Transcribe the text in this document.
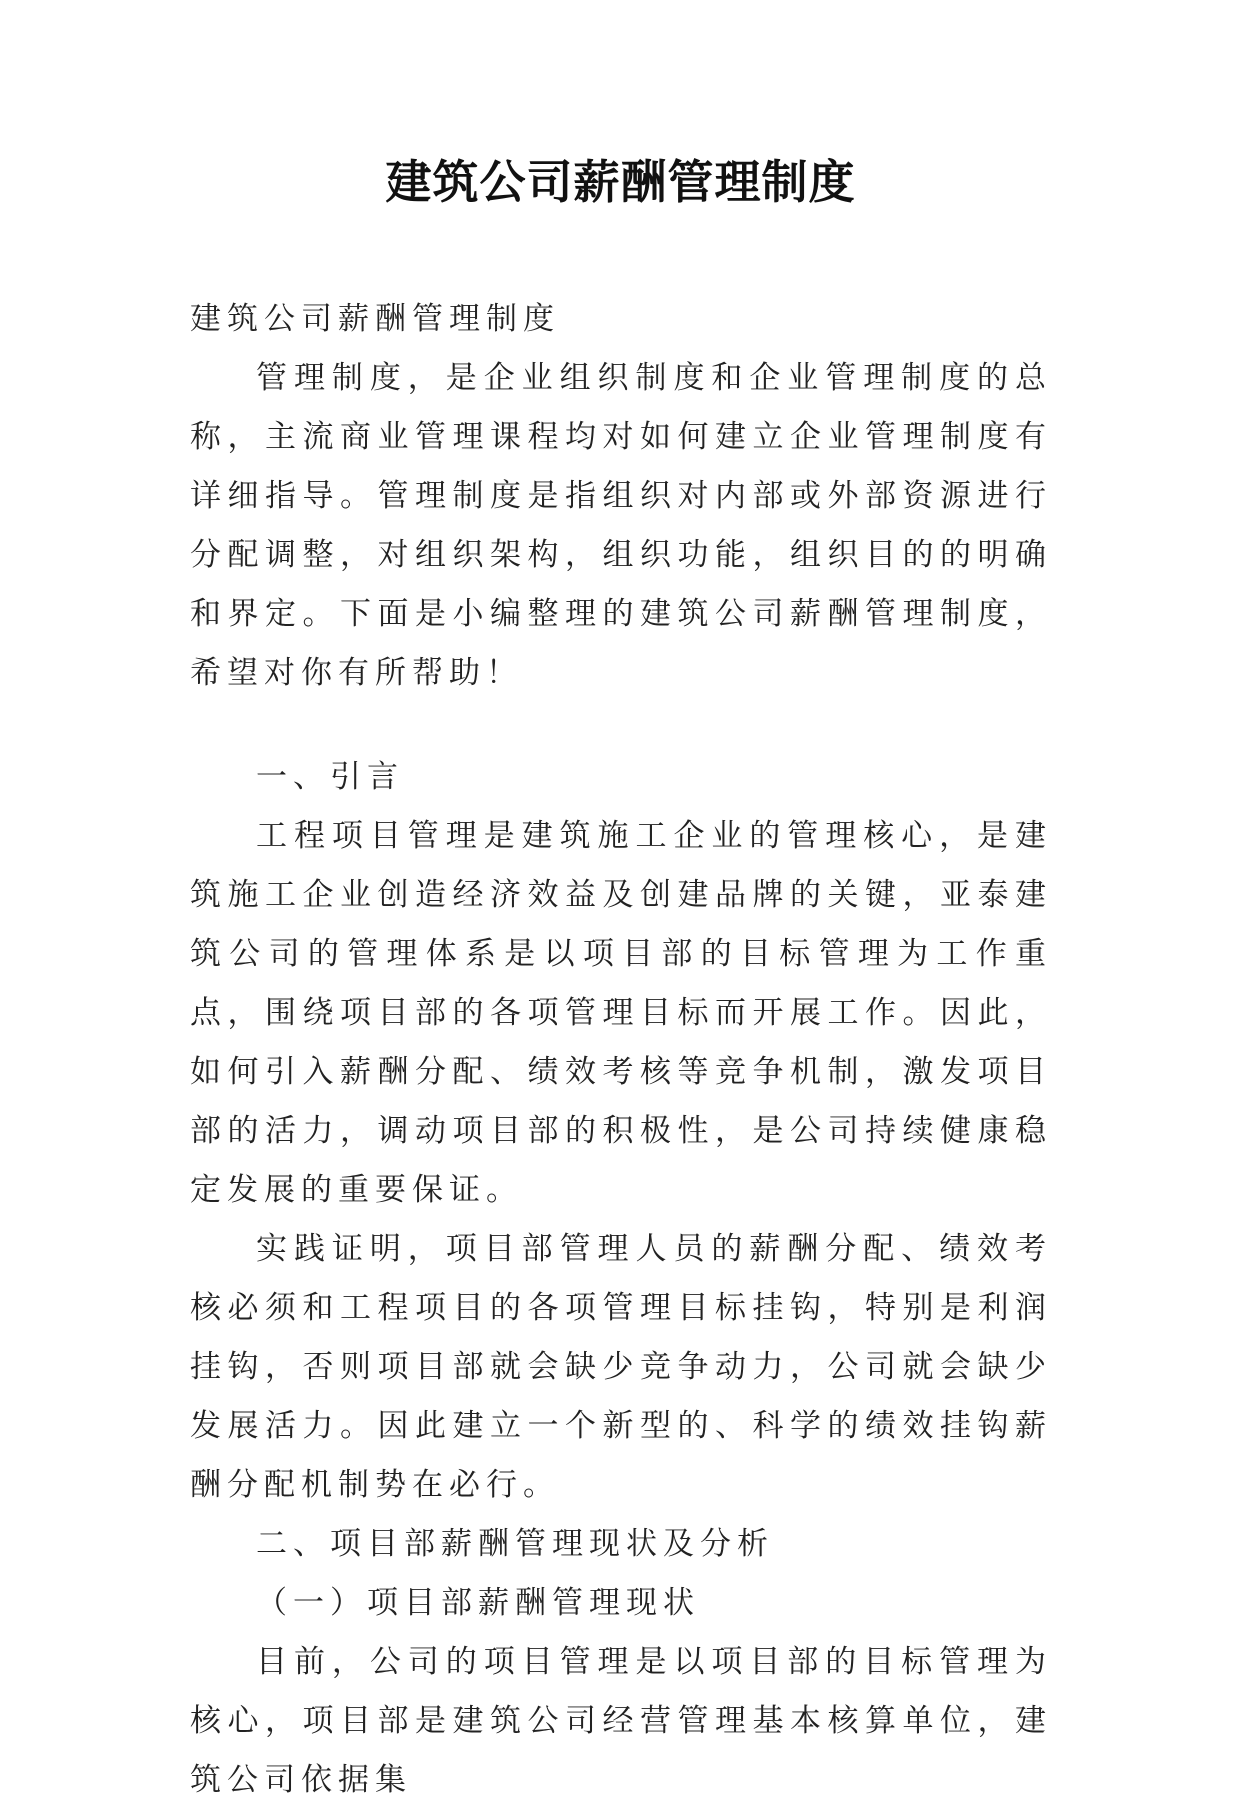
建筑公司薪酬管理制度

建筑公司薪酬管理制度

管理制度，是企业组织制度和企业管理制度的总称，主流商业管理课程均对如何建立企业管理制度有详细指导。管理制度是指组织对内部或外部资源进行分配调整，对组织架构，组织功能，组织目的的明确和界定。下面是小编整理的建筑公司薪酬管理制度，希望对你有所帮助！

一、引言

工程项目管理是建筑施工企业的管理核心，是建筑施工企业创造经济效益及创建品牌的关键，亚泰建筑公司的管理体系是以项目部的目标管理为工作重点，围绕项目部的各项管理目标而开展工作。因此，如何引入薪酬分配、绩效考核等竞争机制，激发项目部的活力，调动项目部的积极性，是公司持续健康稳定发展的重要保证。

实践证明，项目部管理人员的薪酬分配、绩效考核必须和工程项目的各项管理目标挂钩，特别是利润挂钩，否则项目部就会缺少竞争动力，公司就会缺少发展活力。因此建立一个新型的、科学的绩效挂钩薪酬分配机制势在必行。

二、项目部薪酬管理现状及分析

（一）项目部薪酬管理现状

目前，公司的项目管理是以项目部的目标管理为核心，项目部是建筑公司经营管理基本核算单位，建筑公司依据集
